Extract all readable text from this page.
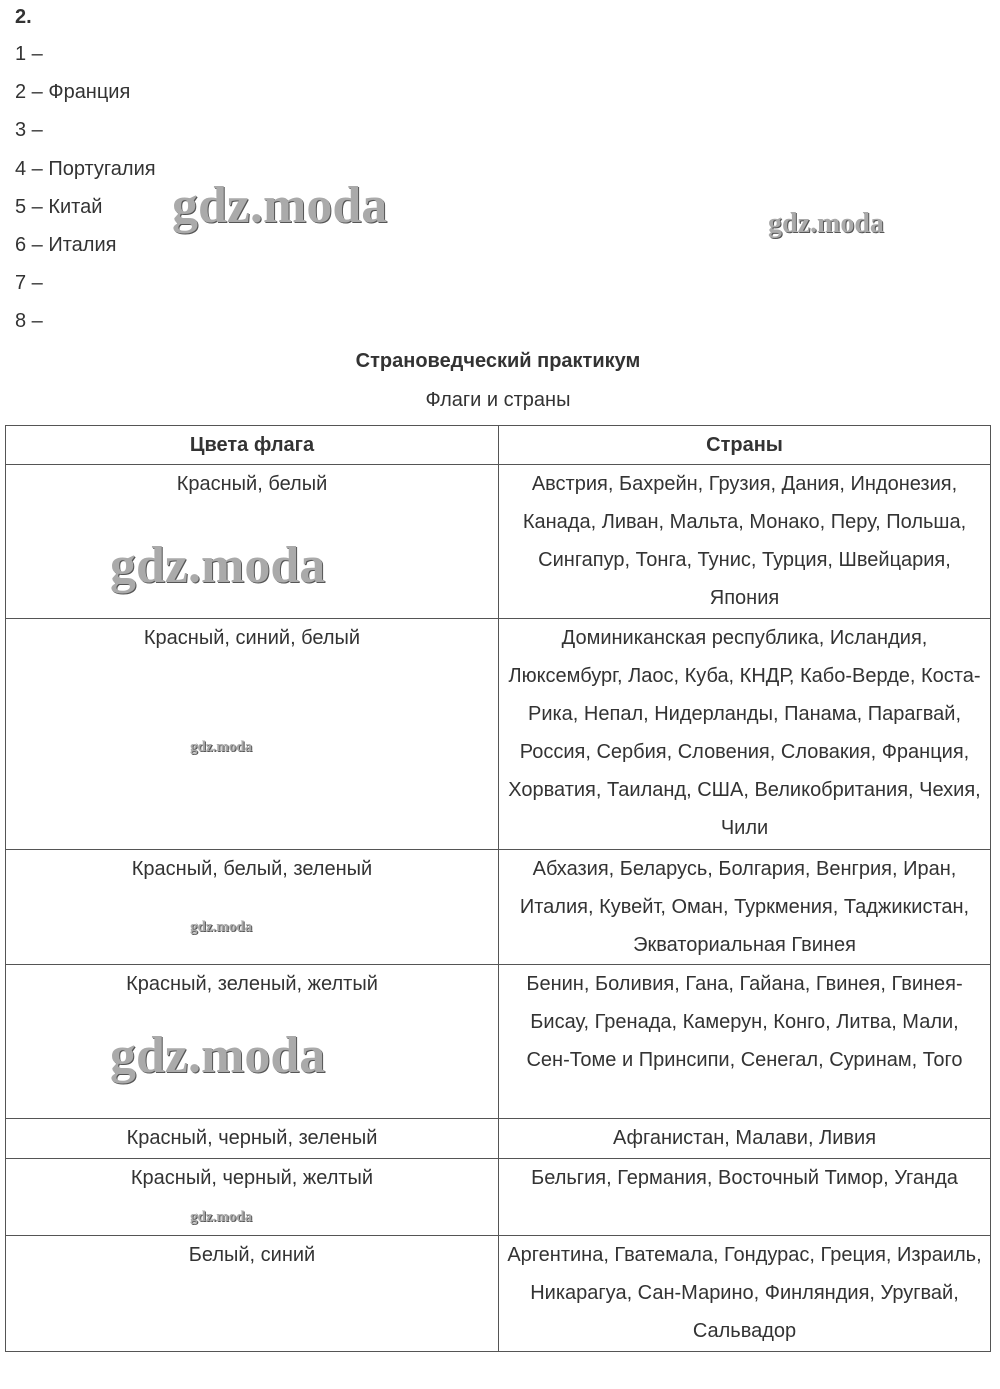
2.
1 –
2 – Франция
3 –
4 – Португалия
5 – Китай
6 – Италия
7 –
8 –
Страноведческий практикум
Флаги и страны
Цвета флага	Страны
Красный, белый	Австрия, Бахрейн, Грузия, Дания, Индонезия, Канада, Ливан, Мальта, Монако, Перу, Польша, Сингапур, Тонга, Тунис, Турция, Швейцария, Япония
Красный, синий, белый	Доминиканская республика, Исландия, Люксембург, Лаос, Куба, КНДР, Кабо-Верде, Коста-Рика, Непал, Нидерланды, Панама, Парагвай, Россия, Сербия, Словения, Словакия, Франция, Хорватия, Таиланд, США, Великобритания, Чехия, Чили
Красный, белый, зеленый	Абхазия, Беларусь, Болгария, Венгрия, Иран, Италия, Кувейт, Оман, Туркмения, Таджикистан, Экваториальная Гвинея
Красный, зеленый, желтый	Бенин, Боливия, Гана, Гайана, Гвинея, Гвинея-Бисау, Гренада, Камерун, Конго, Литва, Мали, Сен-Томе и Принсипи, Сенегал, Суринам, Того
Красный, черный, зеленый	Афганистан, Малави, Ливия
Красный, черный, желтый	Бельгия, Германия, Восточный Тимор, Уганда
Белый, синий	Аргентина, Гватемала, Гондурас, Греция, Израиль, Никарагуа, Сан-Марино, Финляндия, Уругвай, Сальвадор
gdz.moda	gdz.moda
gdz.moda
gdz.moda
gdz.moda
gdz.moda
gdz.moda
